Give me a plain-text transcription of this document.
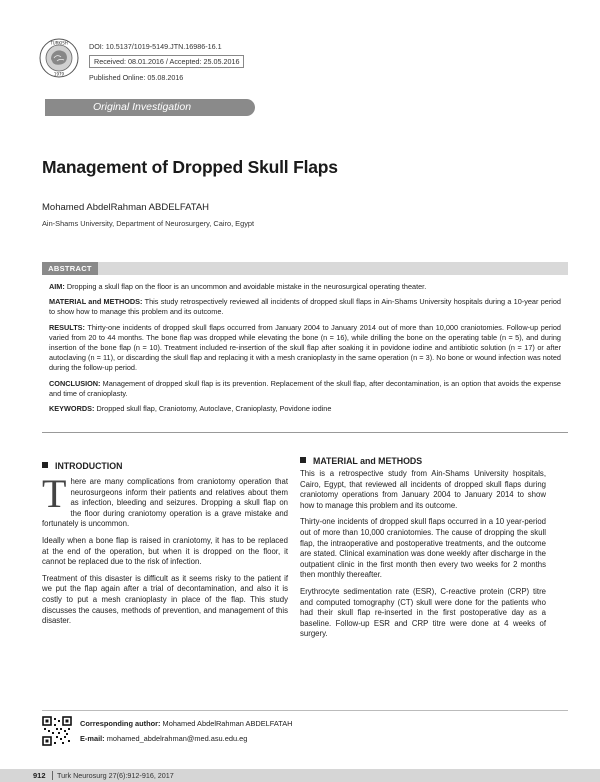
TURKISH
1979
DOI: 10.5137/1019-5149.JTN.16986-16.1
Received: 08.01.2016 / Accepted: 25.05.2016
Published Online: 05.08.2016
Original Investigation
Management of Dropped Skull Flaps
Mohamed AbdelRahman ABDELFATAH
Ain-Shams University, Department of Neurosurgery, Cairo, Egypt
ABSTRACT

AIM: Dropping a skull flap on the floor is an uncommon and avoidable mistake in the neurosurgical operating theater.

MATERIAL and METHODS: This study retrospectively reviewed all incidents of dropped skull flaps in Ain-Shams University hospitals during a 10-year period to show how to manage this problem and its outcome.

RESULTS: Thirty-one incidents of dropped skull flaps occurred from January 2004 to January 2014 out of more than 10,000 craniotomies. Follow-up period varied from 20 to 44 months. The bone flap was dropped while elevating the bone (n = 16), while drilling the bone on the operating table (n = 5), and during insertion of the bone flap (n = 10). Treatment included re-insertion of the skull flap after soaking it in povidone iodine and antibiotic solution (n = 17) or after autoclaving (n = 11), or discarding the skull flap and replacing it with a mesh cranioplasty in the same operation (n = 3). No bone or wound infection was noted during the follow-up period.

CONCLUSION: Management of dropped skull flap is its prevention. Replacement of the skull flap, after decontamination, is an option that avoids the expense and time of cranioplasty.

KEYWORDS: Dropped skull flap, Craniotomy, Autoclave, Cranioplasty, Povidone iodine

INTRODUCTION

There are many complications from craniotomy operation that neurosurgeons inform their patients and relatives about them as infection, bleeding and seizures. Dropping a skull flap on the floor during craniotomy operation is a grave mistake and fortunately is uncommon.

Ideally when a bone flap is raised in craniotomy, it has to be replaced at the end of the operation, but when it is dropped on the floor, it cannot be replaced due to the risk of infection.

Treatment of this disaster is difficult as it seems risky to the patient if we put the flap again after a trial of decontamination, and also it is costly to put a mesh cranioplasty in place of the flap. This study discusses the causes, methods of prevention, and management of this disaster.

MATERIAL and METHODS

This is a retrospective study from Ain-Shams University hospitals, Cairo, Egypt, that reviewed all incidents of dropped skull flaps during craniotomy operations from January 2004 to January 2014 to show how to manage this problem and its outcome.

Thirty-one incidents of dropped skull flaps occurred in a 10 year-period out of more than 10,000 craniotomies. The cause of dropping the skull flap, the intraoperative and postoperative treatments, and the outcome are stated. Clinical examination was done weekly after discharge in the outpatient clinic in the first month then every two weeks for 2 months then monthly thereafter.

Erythrocyte sedimentation rate (ESR), C-reactive protein (CRP) titre and computed tomography (CT) skull were done for the patients who had their skull flap re-inserted in the first postoperative day as a baseline. Follow-up ESR and CRP titre were done at 4 weeks of surgery.

Corresponding author: Mohamed AbdelRahman ABDELFATAH
E-mail: mohamed_abdelrahman@med.asu.edu.eg
912	Turk Neurosurg 27(6):912-916, 2017
